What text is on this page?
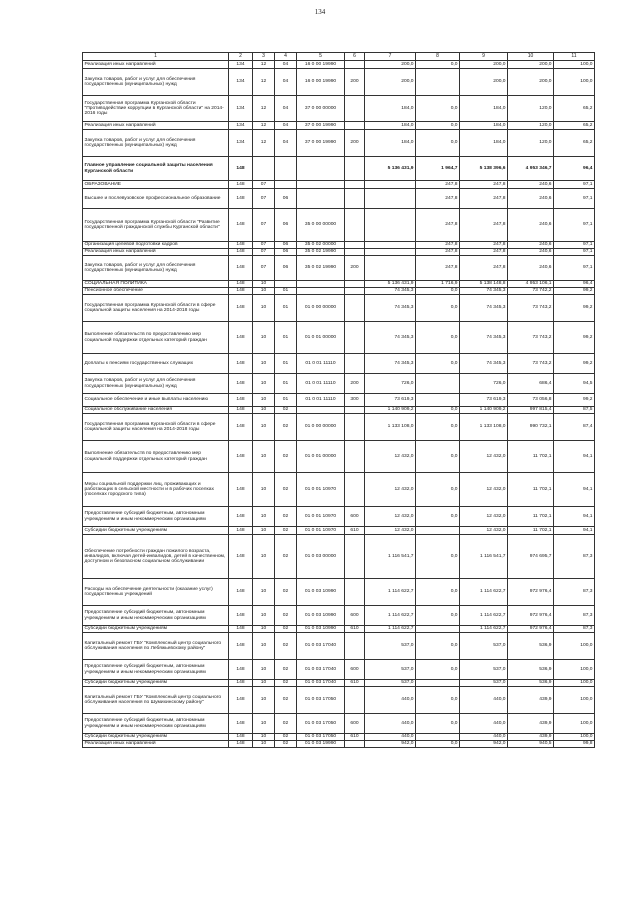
134
1	2	3	4	5	6	7	8	9	10	11
Реализация иных направлений	134	12	04	16 0 00 19990		200,0	0,0	200,0	200,0	100,0
Закупка товаров, работ и услуг для обеспечения государственных (муниципальных) нужд	134	12	04	16 0 00 19990	200	200,0		200,0	200,0	100,0
Государственная программа Курганской области "Противодействие коррупции в Курганской области" на 2014-2016 годы	134	12	04	37 0 00 00000		184,0	0,0	184,0	120,0	65,2
Реализация иных направлений	134	12	04	37 0 00 19990		184,0	0,0	184,0	120,0	65,2
Закупка товаров, работ и услуг для обеспечения государственных (муниципальных) нужд	134	12	04	37 0 00 19990	200	184,0	0,0	184,0	120,0	65,2
Главное управление социальной защиты населения Курганской области	148					5 136 431,9	1 964,7	5 138 396,6	4 953 346,7	96,4
ОБРАЗОВАНИЕ	148	07					247,8	247,8	240,6	97,1
Высшее и послевузовское профессиональное образование	148	07	06				247,8	247,8	240,6	97,1
Государственная программа Курганской области "Развитие государственной гражданской службы Курганской области"	148	07	06	35 0 00 00000			247,8	247,8	240,6	97,1
Организация целевой подготовки кадров	148	07	06	35 0 02 00000			247,8	247,8	240,6	97,1
Реализация иных направлений	148	07	06	35 0 02 19990			247,8	247,8	240,6	97,1
Закупка товаров, работ и услуг для обеспечения государственных (муниципальных) нужд	148	07	06	35 0 02 19990	200		247,8	247,8	240,6	97,1
СОЦИАЛЬНАЯ ПОЛИТИКА	148	10				5 136 431,9	1 716,9	5 138 148,8	4 953 106,1	96,4
Пенсионное обеспечение	148	10	01			74 345,3	0,0	74 345,3	73 742,2	99,2
Государственная программа Курганской области в сфере социальной защиты населения на 2014-2018 годы	148	10	01	01 0 00 00000		74 345,3	0,0	74 345,3	73 743,2	99,2
Выполнение обязательств по предоставлению мер социальной поддержки отдельных категорий граждан	148	10	01	01 0 01 00000		74 345,3	0,0	74 345,3	73 743,2	99,2
Доплаты к пенсиям государственных служащих	148	10	01	01 0 01 11110		74 345,3	0,0	74 345,3	73 743,2	99,2
Закупка товаров, работ и услуг для обеспечения государственных (муниципальных) нужд	148	10	01	01 0 01 11110	200	726,0		726,0	686,4	94,5
Социальное обеспечение и иные выплаты населению	148	10	01	01 0 01 11110	300	73 619,3		73 619,3	73 056,8	99,2
Социальное обслуживание населения	148	10	02			1 140 909,2	0,0	1 140 909,2	997 815,4	87,5
Государственная программа Курганской области в сфере социальной защиты населения на 2014-2018 годы	148	10	02	01 0 00 00000		1 133 108,0	0,0	1 133 108,0	990 732,1	87,4
Выполнение обязательств по предоставлению мер социальной поддержки отдельных категорий граждан	148	10	02	01 0 01 00000		12 432,0	0,0	12 432,0	11 702,1	94,1
Меры социальной поддержки лиц, проживающих и работающих в сельской местности и в рабочих поселках (поселках городского типа)	148	10	02	01 0 01 10970		12 432,0	0,0	12 432,0	11 702,1	94,1
Предоставление субсидий бюджетным, автономным учреждениям и иным некоммерческим организациям	148	10	02	01 0 01 10970	600	12 432,0	0,0	12 432,0	11 702,1	94,1
Субсидии бюджетным учреждениям	148	10	02	01 0 01 10970	610	12 432,0		12 432,0	11 702,1	94,1
Обеспечение потребности граждан пожилого возраста, инвалидов, включая детей-инвалидов, детей в качественном, доступном и безопасном социальном обслуживании	148	10	02	01 0 03 00000		1 116 541,7	0,0	1 116 541,7	974 695,7	87,3
Расходы на обеспечение деятельности (оказание услуг) государственных учреждений	148	10	02	01 0 03 10990		1 114 622,7	0,0	1 114 622,7	972 976,4	87,3
Предоставление субсидий бюджетным, автономным учреждениям и иным некоммерческим организациям	148	10	02	01 0 03 10990	600	1 114 622,7	0,0	1 114 622,7	972 976,4	87,3
Субсидии бюджетным учреждениям	148	10	02	01 0 03 10990	610	1 114 622,7		1 114 622,7	972 976,4	87,3
Капитальный ремонт ГБУ "Комплексный центр социального обслуживания населения по Лебяжьевскому району"	148	10	02	01 0 03 17040		537,0	0,0	537,0	536,9	100,0
Предоставление субсидий бюджетным, автономным учреждениям и иным некоммерческим организациям	148	10	02	01 0 03 17040	600	537,0	0,0	537,0	536,9	100,0
Субсидии бюджетным учреждениям	148	10	02	01 0 03 17040	610	537,0		537,0	536,9	100,0
Капитальный ремонт ГБУ "Комплексный центр социального обслуживания населения по Шумихинскому району"	148	10	02	01 0 03 17050		440,0	0,0	440,0	439,9	100,0
Предоставление субсидий бюджетным, автономным учреждениям и иным некоммерческим организациям	148	10	02	01 0 03 17050	600	440,0	0,0	440,0	439,9	100,0
Субсидии бюджетным учреждениям	148	10	02	01 0 03 17050	610	440,0		440,0	439,9	100,0
Реализация иных направлений	148	10	02	01 0 03 19990		942,0	0,0	942,0	940,5	99,8
